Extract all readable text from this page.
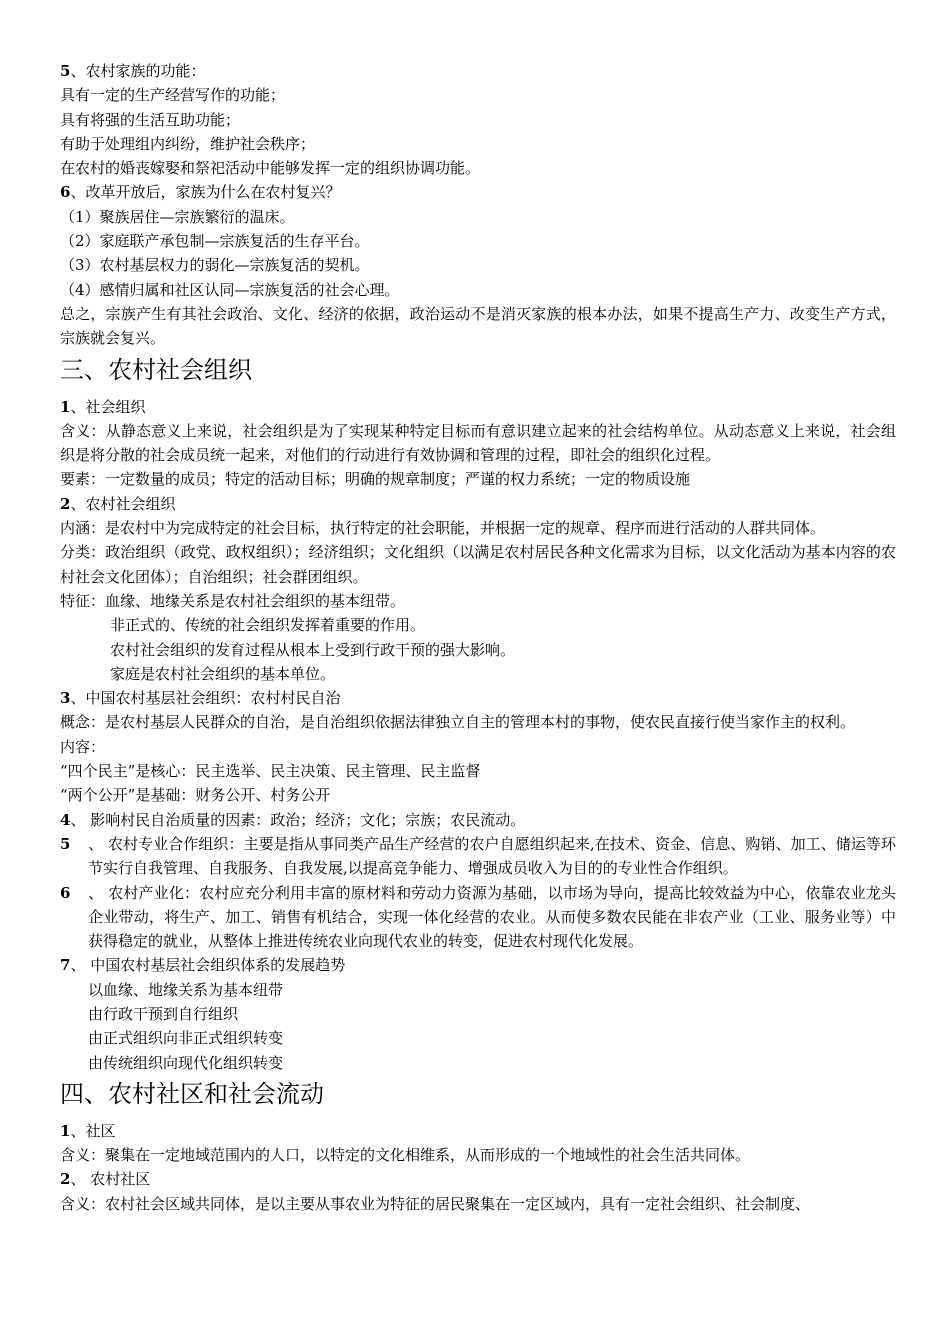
5、农村家族的功能：
具有一定的生产经营写作的功能；
具有将强的生活互助功能；
有助于处理组内纠纷，维护社会秩序；
在农村的婚丧嫁娶和祭祀活动中能够发挥一定的组织协调功能。
6、改革开放后，家族为什么在农村复兴？
（1）聚族居住—宗族繁衍的温床。
（2）家庭联产承包制—宗族复活的生存平台。
（3）农村基层权力的弱化—宗族复活的契机。
（4）感情归属和社区认同—宗族复活的社会心理。
总之，宗族产生有其社会政治、文化、经济的依据，政治运动不是消灭家族的根本办法，如果不提高生产力、改变生产方式，宗族就会复兴。
三、农村社会组织
1、社会组织
含义：从静态意义上来说，社会组织是为了实现某种特定目标而有意识建立起来的社会结构单位。从动态意义上来说，社会组织是将分散的社会成员统一起来，对他们的行动进行有效协调和管理的过程，即社会的组织化过程。
要素：一定数量的成员；特定的活动目标；明确的规章制度；严谨的权力系统；一定的物质设施
2、农村社会组织
内涵：是农村中为完成特定的社会目标，执行特定的社会职能，并根据一定的规章、程序而进行活动的人群共同体。
分类：政治组织（政党、政权组织）；经济组织；文化组织（以满足农村居民各种文化需求为目标，以文化活动为基本内容的农村社会文化团体）；自治组织；社会群团组织。
特征：血缘、地缘关系是农村社会组织的基本纽带。
非正式的、传统的社会组织发挥着重要的作用。
农村社会组织的发育过程从根本上受到行政干预的强大影响。
家庭是农村社会组织的基本单位。
3、中国农村基层社会组织：农村村民自治
概念：是农村基层人民群众的自治，是自治组织依据法律独立自主的管理本村的事物，使农民直接行使当家作主的权利。
内容：
“四个民主”是核心：民主选举、民主决策、民主管理、民主监督
“两个公开”是基础：财务公开、村务公开
4、 影响村民自治质量的因素：政治；经济；文化；宗族；农民流动。
5 、 农村专业合作组织：主要是指从事同类产品生产经营的农户自愿组织起来,在技术、资金、信息、购销、加工、储运等环节实行自我管理、自我服务、自我发展,以提高竞争能力、增强成员收入为目的的专业性合作组织。
6 、 农村产业化：农村应充分利用丰富的原材料和劳动力资源为基础，以市场为导向，提高比较效益为中心，依靠农业龙头企业带动，将生产、加工、销售有机结合，实现一体化经营的农业。从而使多数农民能在非农产业（工业、服务业等）中获得稳定的就业，从整体上推进传统农业向现代农业的转变，促进农村现代化发展。
7、 中国农村基层社会组织体系的发展趋势
以血缘、地缘关系为基本纽带
由行政干预到自行组织
由正式组织向非正式组织转变
由传统组织向现代化组织转变
四、农村社区和社会流动
1、社区
含义：聚集在一定地域范围内的人口，以特定的文化相维系，从而形成的一个地域性的社会生活共同体。
2、 农村社区
含义：农村社会区域共同体，是以主要从事农业为特征的居民聚集在一定区域内，具有一定社会组织、社会制度、
